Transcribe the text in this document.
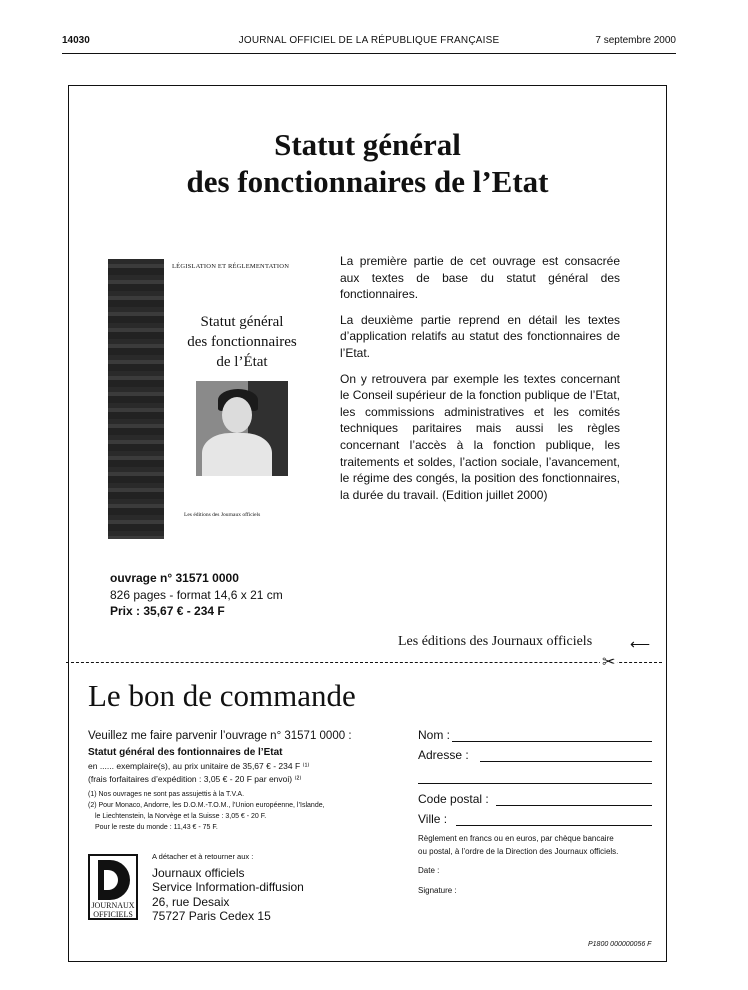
14030	JOURNAL OFFICIEL DE LA RÉPUBLIQUE FRANÇAISE	7 septembre 2000
Statut général
des fonctionnaires de l’Etat
LÉGISLATION ET RÉGLEMENTATION
Statut général
des fonctionnaires
de l’État
Les éditions des Journaux officiels

La première partie de cet ouvrage est consacrée aux textes de base du statut général des fonctionnaires.

La deuxième partie reprend en détail les textes d’application relatifs au statut des fonctionnaires de l’Etat.

On y retrouvera par exemple les textes concernant le Conseil supérieur de la fonction publique de l’Etat, les commissions administratives et les comités techniques paritaires mais aussi les règles concernant l’accès à la fonction publique, les traitements et soldes, l’action sociale, l’avancement, le régime des congés, la position des fonctionnaires, la durée du travail. (Edition juillet 2000)

ouvrage n° 31571 0000
826 pages - format 14,6 x 21 cm
Prix : 35,67 € - 234 F
Les éditions des Journaux officiels	⟵
✂
Le bon de commande
Veuillez me faire parvenir l’ouvrage n° 31571 0000 :
Statut général des fontionnaires de l’Etat
en ...... exemplaire(s), au prix unitaire de 35,67 € - 234 F ⁽¹⁾
(frais forfaitaires d’expédition : 3,05 € - 20 F par envoi) ⁽²⁾
(1) Nos ouvrages ne sont pas assujettis à la T.V.A.
(2) Pour Monaco, Andorre, les D.O.M.-T.O.M., l’Union européenne, l’Islande,
le Liechtenstein, la Norvège et la Suisse : 3,05 € - 20 F.
Pour le reste du monde : 11,43 € - 75 F.
JOURNAUX
OFFICIELS
A détacher et à retourner aux :
Journaux officiels
Service Information-diffusion
26, rue Desaix
75727 Paris Cedex 15
Nom :
Adresse :
Code postal :
Ville :
Règlement en francs ou en euros, par chèque bancaire
ou postal, à l’ordre de la Direction des Journaux officiels.
Date :
Signature :
P1800 000000056 F
